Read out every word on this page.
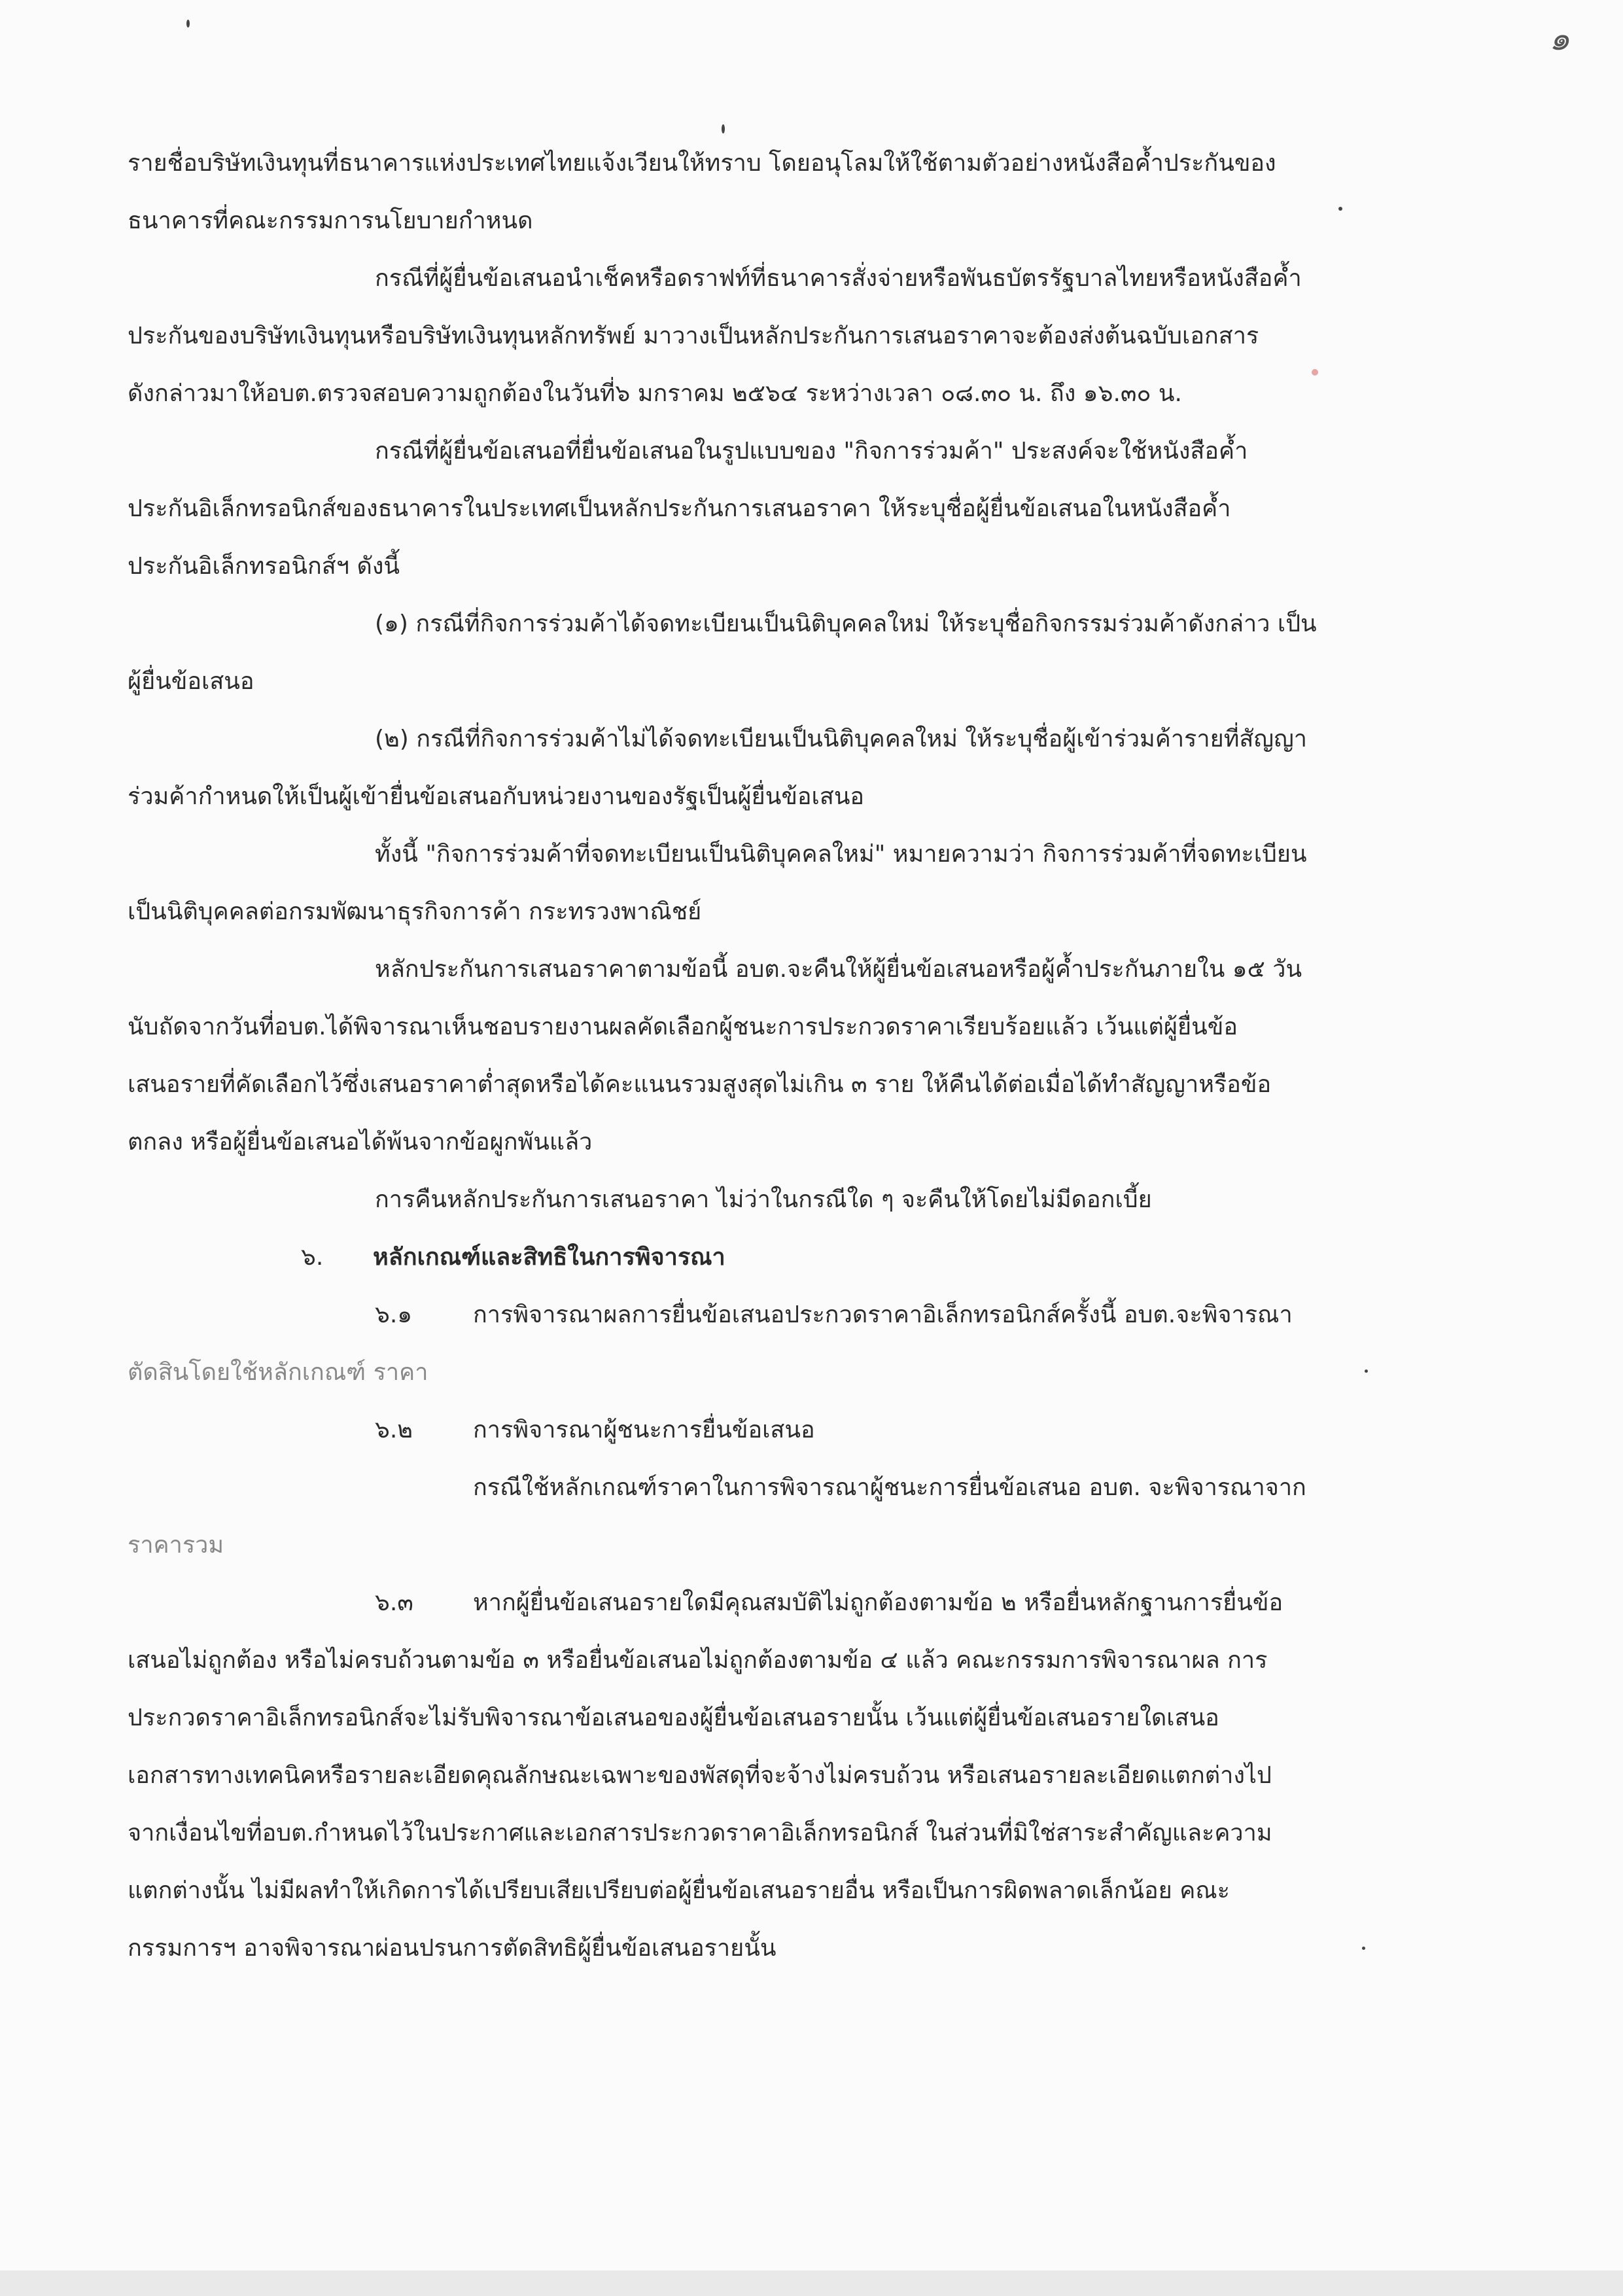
๑
รายชื่อบริษัทเงินทุนที่ธนาคารแห่งประเทศไทยแจ้งเวียนให้ทราบ โดยอนุโลมให้ใช้ตามตัวอย่างหนังสือค้ำประกันของ
ธนาคารที่คณะกรรมการนโยบายกำหนด
กรณีที่ผู้ยื่นข้อเสนอนำเช็คหรือดราฟท์ที่ธนาคารสั่งจ่ายหรือพันธบัตรรัฐบาลไทยหรือหนังสือค้ำ
ประกันของบริษัทเงินทุนหรือบริษัทเงินทุนหลักทรัพย์ มาวางเป็นหลักประกันการเสนอราคาจะต้องส่งต้นฉบับเอกสาร
ดังกล่าวมาให้อบต.ตรวจสอบความถูกต้องในวันที่๖ มกราคม ๒๕๖๔ ระหว่างเวลา ๐๘.๓๐ น. ถึง ๑๖.๓๐ น.
กรณีที่ผู้ยื่นข้อเสนอที่ยื่นข้อเสนอในรูปแบบของ "กิจการร่วมค้า" ประสงค์จะใช้หนังสือค้ำ
ประกันอิเล็กทรอนิกส์ของธนาคารในประเทศเป็นหลักประกันการเสนอราคา ให้ระบุชื่อผู้ยื่นข้อเสนอในหนังสือค้ำ
ประกันอิเล็กทรอนิกส์ฯ ดังนี้
(๑) กรณีที่กิจการร่วมค้าได้จดทะเบียนเป็นนิติบุคคลใหม่ ให้ระบุชื่อกิจกรรมร่วมค้าดังกล่าว เป็น
ผู้ยื่นข้อเสนอ
(๒) กรณีที่กิจการร่วมค้าไม่ได้จดทะเบียนเป็นนิติบุคคลใหม่ ให้ระบุชื่อผู้เข้าร่วมค้ารายที่สัญญา
ร่วมค้ากำหนดให้เป็นผู้เข้ายื่นข้อเสนอกับหน่วยงานของรัฐเป็นผู้ยื่นข้อเสนอ
ทั้งนี้ "กิจการร่วมค้าที่จดทะเบียนเป็นนิติบุคคลใหม่" หมายความว่า กิจการร่วมค้าที่จดทะเบียน
เป็นนิติบุคคลต่อกรมพัฒนาธุรกิจการค้า กระทรวงพาณิชย์
หลักประกันการเสนอราคาตามข้อนี้ อบต.จะคืนให้ผู้ยื่นข้อเสนอหรือผู้ค้ำประกันภายใน ๑๕ วัน
นับถัดจากวันที่อบต.ได้พิจารณาเห็นชอบรายงานผลคัดเลือกผู้ชนะการประกวดราคาเรียบร้อยแล้ว เว้นแต่ผู้ยื่นข้อ
เสนอรายที่คัดเลือกไว้ซึ่งเสนอราคาต่ำสุดหรือได้คะแนนรวมสูงสุดไม่เกิน ๓ ราย ให้คืนได้ต่อเมื่อได้ทำสัญญาหรือข้อ
ตกลง หรือผู้ยื่นข้อเสนอได้พ้นจากข้อผูกพันแล้ว
การคืนหลักประกันการเสนอราคา ไม่ว่าในกรณีใด ๆ จะคืนให้โดยไม่มีดอกเบี้ย
๖. หลักเกณฑ์และสิทธิในการพิจารณา
๖.๑	การพิจารณาผลการยื่นข้อเสนอประกวดราคาอิเล็กทรอนิกส์ครั้งนี้ อบต.จะพิจารณา
ตัดสินโดยใช้หลักเกณฑ์ ราคา
๖.๒	การพิจารณาผู้ชนะการยื่นข้อเสนอ
กรณีใช้หลักเกณฑ์ราคาในการพิจารณาผู้ชนะการยื่นข้อเสนอ อบต. จะพิจารณาจาก
ราคารวม
๖.๓	หากผู้ยื่นข้อเสนอรายใดมีคุณสมบัติไม่ถูกต้องตามข้อ ๒ หรือยื่นหลักฐานการยื่นข้อ
เสนอไม่ถูกต้อง หรือไม่ครบถ้วนตามข้อ ๓ หรือยื่นข้อเสนอไม่ถูกต้องตามข้อ ๔ แล้ว คณะกรรมการพิจารณาผล การ
ประกวดราคาอิเล็กทรอนิกส์จะไม่รับพิจารณาข้อเสนอของผู้ยื่นข้อเสนอรายนั้น เว้นแต่ผู้ยื่นข้อเสนอรายใดเสนอ
เอกสารทางเทคนิคหรือรายละเอียดคุณลักษณะเฉพาะของพัสดุที่จะจ้างไม่ครบถ้วน หรือเสนอรายละเอียดแตกต่างไป
จากเงื่อนไขที่อบต.กำหนดไว้ในประกาศและเอกสารประกวดราคาอิเล็กทรอนิกส์ ในส่วนที่มิใช่สาระสำคัญและความ
แตกต่างนั้น ไม่มีผลทำให้เกิดการได้เปรียบเสียเปรียบต่อผู้ยื่นข้อเสนอรายอื่น หรือเป็นการผิดพลาดเล็กน้อย คณะ
กรรมการฯ อาจพิจารณาผ่อนปรนการตัดสิทธิผู้ยื่นข้อเสนอรายนั้น
